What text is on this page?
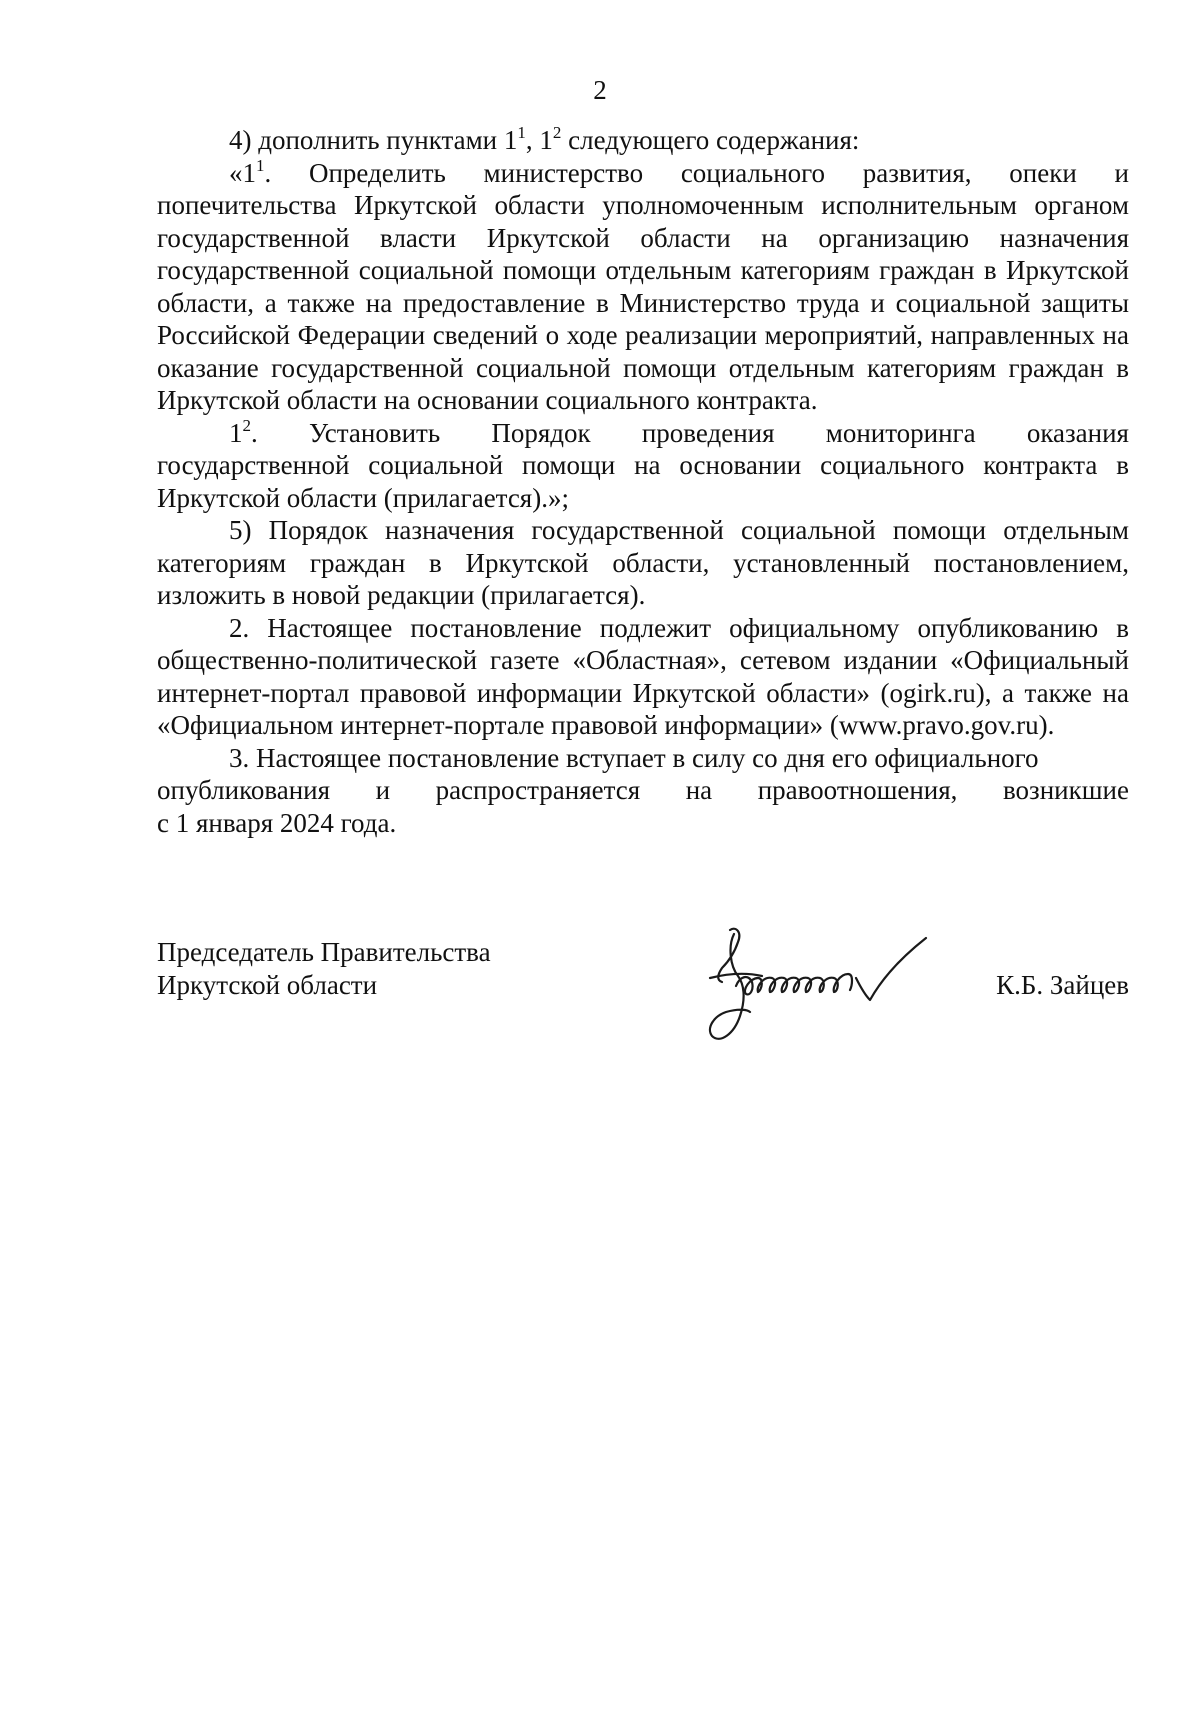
2

4) дополнить пунктами $1^1$, $1^2$ следующего содержания:

«$1^1$. Определить министерство социального развития, опеки и

попечительства Иркутской области уполномоченным исполнительным органом государственной власти Иркутской области на организацию назначения государственной социальной помощи отдельным категориям граждан в Иркутской области, а также на предоставление в Министерство труда и социальной защиты Российской Федерации сведений о ходе реализации мероприятий, направленных на оказание государственной социальной помощи отдельным категориям граждан в Иркутской области на основании социального контракта.

$1^2$. Установить Порядок проведения мониторинга оказания

государственной социальной помощи на основании социального контракта в Иркутской области (прилагается).»;

5) Порядок назначения государственной социальной помощи отдельным категориям граждан в Иркутской области, установленный постановлением, изложить в новой редакции (прилагается).

2. Настоящее постановление подлежит официальному опубликованию в общественно-политической газете «Областная», сетевом издании «Официальный интернет-портал правовой информации Иркутской области» (ogirk.ru), а также на «Официальном интернет-портале правовой информации» (www.pravo.gov.ru).

3. Настоящее постановление вступает в силу со дня его официального

опубликования и распространяется на правоотношения, возникшие

с 1 января 2024 года.

Председатель Правительства
Иркутской области	К.Б. Зайцев
